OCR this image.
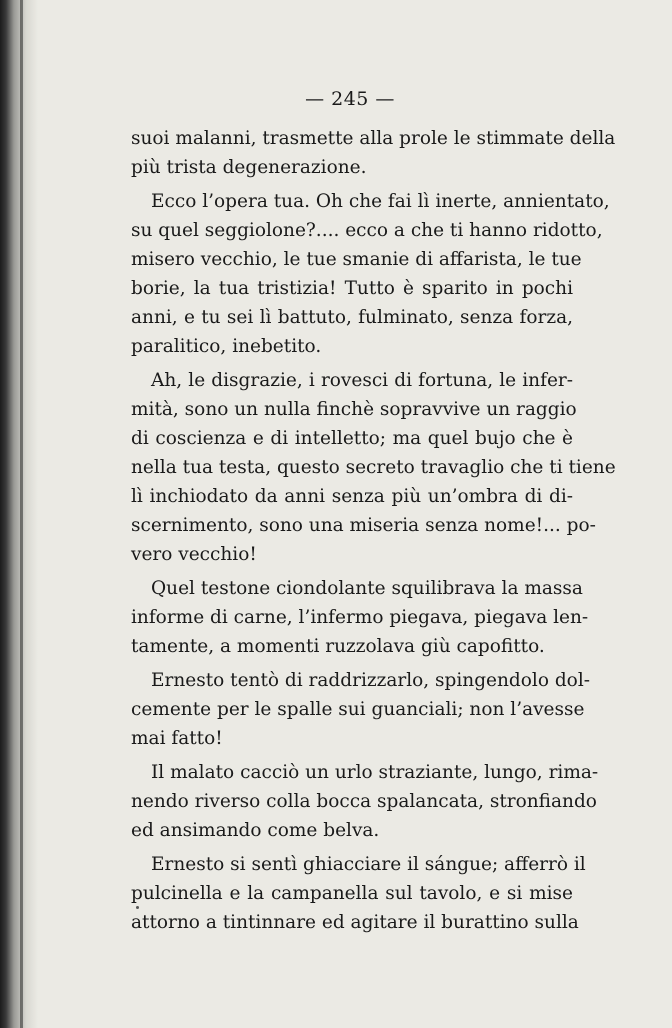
— 245 —
suoi malanni, trasmette alla prole le stimmate della
più trista degenerazione.
Ecco l’opera tua. Oh che fai lì inerte, annientato,
su quel seggiolone?.... ecco a che ti hanno ridotto,
misero vecchio, le tue smanie di affarista, le tue
borie, la tua tristizia! Tutto è sparito in pochi
anni, e tu sei lì battuto, fulminato, senza forza,
paralitico, inebetito.
Ah, le disgrazie, i rovesci di fortuna, le infer-
mità, sono un nulla finchè sopravvive un raggio
di coscienza e di intelletto; ma quel bujo che è
nella tua testa, questo secreto travaglio che ti tiene
lì inchiodato da anni senza più un’ombra di di-
scernimento, sono una miseria senza nome!... po-
vero vecchio!
Quel testone ciondolante squilibrava la massa
informe di carne, l’infermo piegava, piegava len-
tamente, a momenti ruzzolava giù capofitto.
Ernesto tentò di raddrizzarlo, spingendolo dol-
cemente per le spalle sui guanciali; non l’avesse
mai fatto!
Il malato cacciò un urlo straziante, lungo, rima-
nendo riverso colla bocca spalancata, stronfiando
ed ansimando come belva.
Ernesto si sentì ghiacciare il sángue; afferrò il
pulcinella e la campanella sul tavolo, e si mise
attorno a tintinnare ed agitare il burattino sulla
